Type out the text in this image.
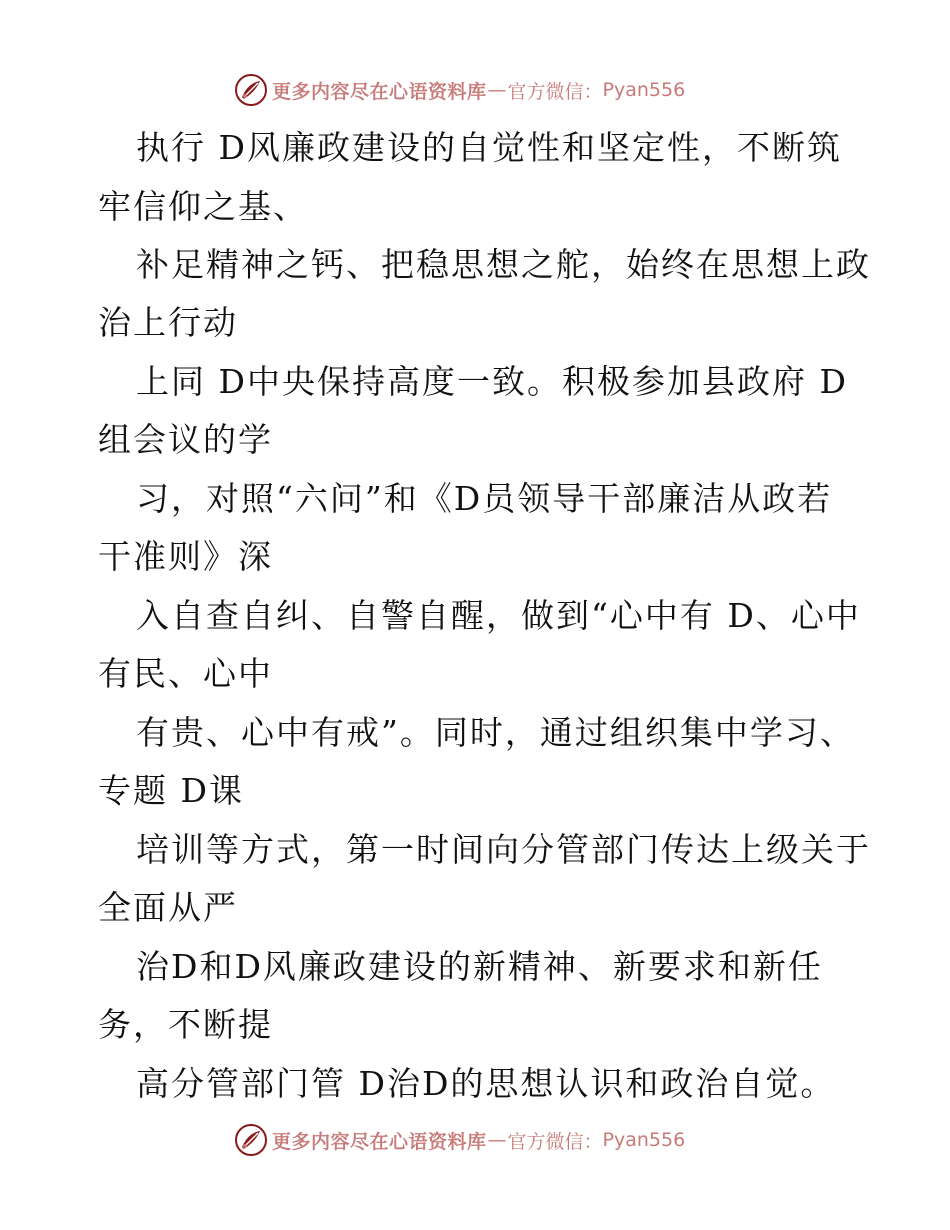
更多内容尽在心语资料库 — 官方微信： Pyan556
执行 D风廉政建设的自觉性和坚定性，不断筑
牢信仰之基、
补足精神之钙、把稳思想之舵，始终在思想上政
治上行动
上同 D中央保持高度一致。积极参加县政府 D
组会议的学
习，对照“六问”和《D员领导干部廉洁从政若
干准则》深
入自查自纠、自警自醒，做到“心中有 D、心中
有民、心中
有贵、心中有戒”。同时，通过组织集中学习、
专题 D课
培训等方式，第一时间向分管部门传达上级关于
全面从严
治D和D风廉政建设的新精神、新要求和新任
务，不断提
高分管部门管 D治D的思想认识和政治自觉。
更多内容尽在心语资料库 — 官方微信： Pyan556
